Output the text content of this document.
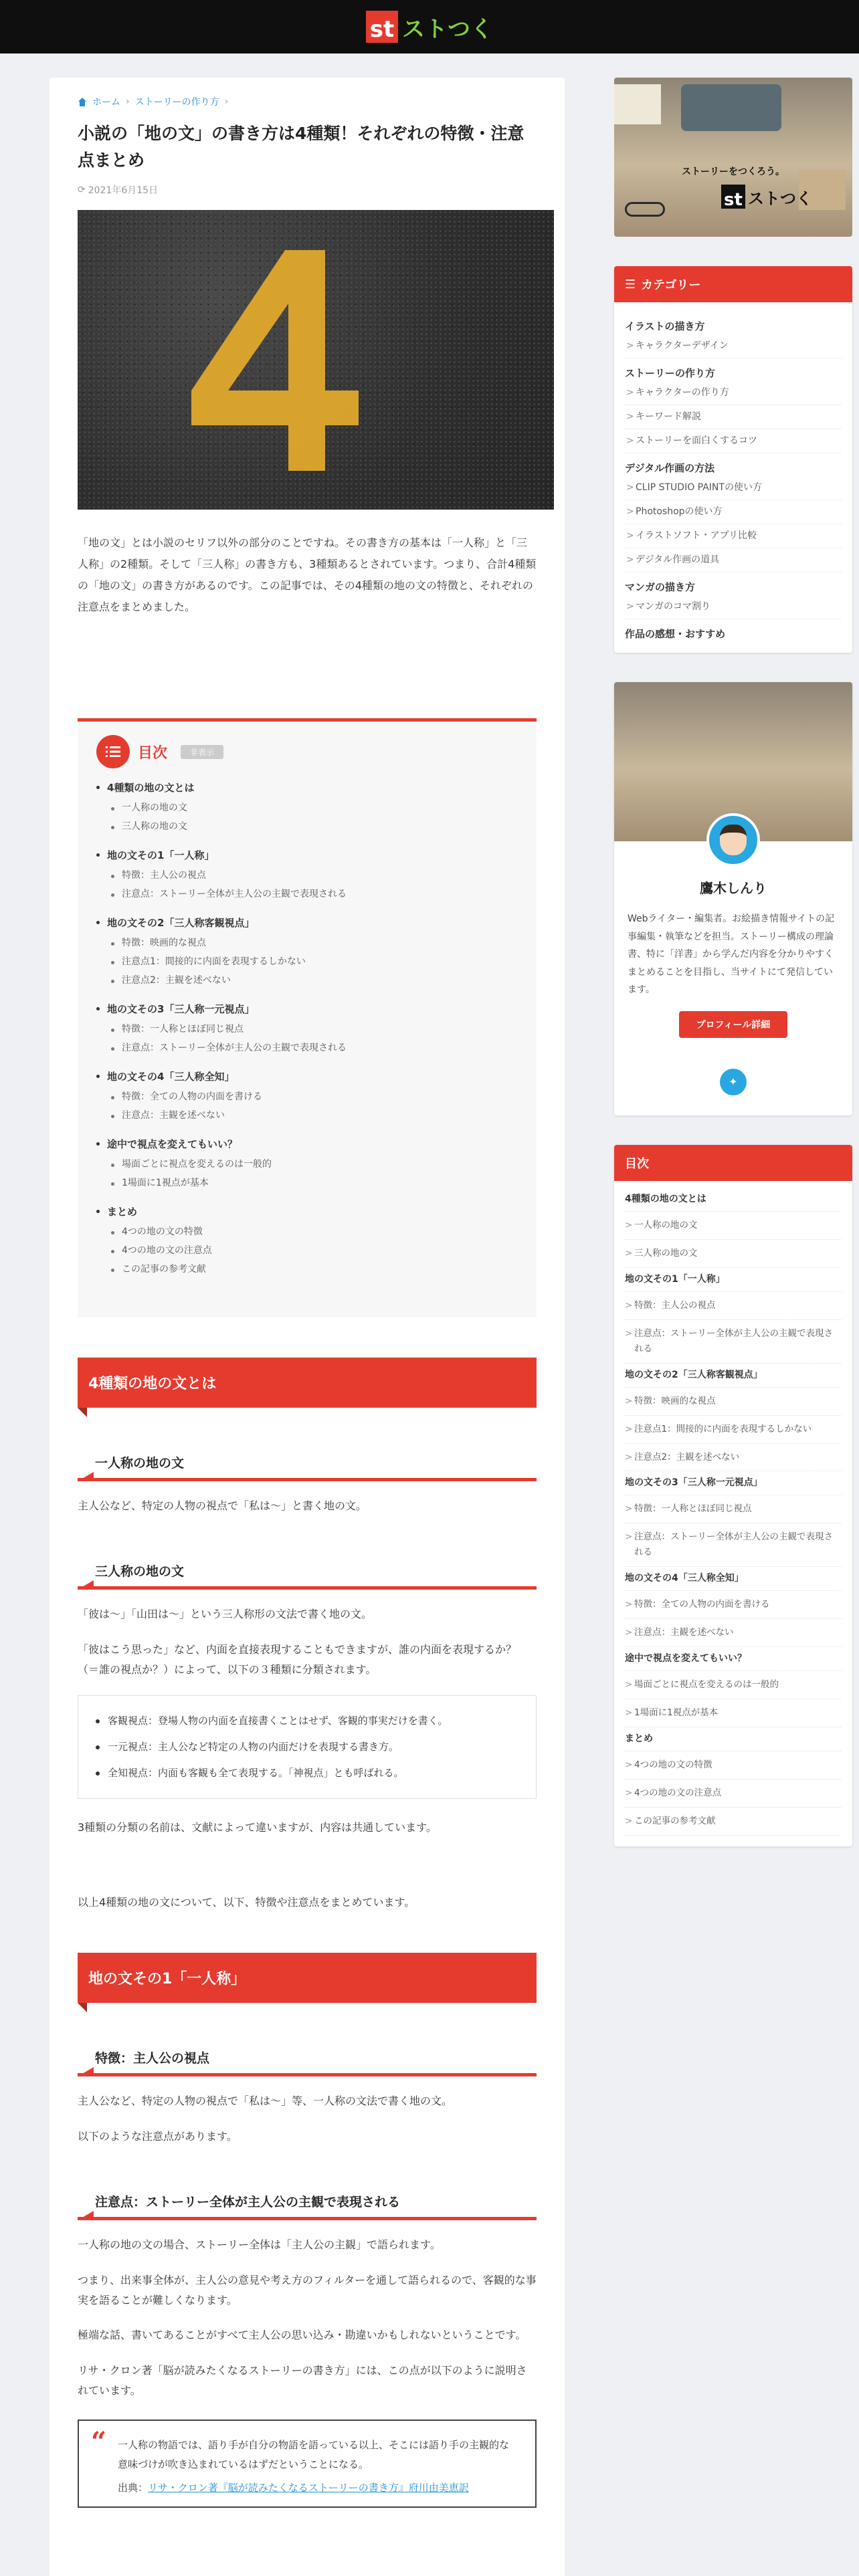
st ストつく
ホーム › ストーリーの作り方 ›
小説の「地の文」の書き方は4種類！それぞれの特徴・注意点まとめ
⟳ 2021年6月15日

「地の文」とは小説のセリフ以外の部分のことですね。その書き方の基本は「一人称」と「三人称」の2種類。そして「三人称」の書き方も、3種類あるとされています。つまり、合計4種類の「地の文」の書き方があるのです。この記事では、その4種類の地の文の特徴と、それぞれの注意点をまとめました。

目次	非表示
4種類の地の文とは
一人称の地の文
三人称の地の文
地の文その1「一人称」
特徴：主人公の視点
注意点：ストーリー全体が主人公の主観で表現される
地の文その2「三人称客観視点」
特徴：映画的な視点
注意点1：間接的に内面を表現するしかない
注意点2：主観を述べない
地の文その3「三人称一元視点」
特徴：一人称とほぼ同じ視点
注意点：ストーリー全体が主人公の主観で表現される
地の文その4「三人称全知」
特徴：全ての人物の内面を書ける
注意点：主観を述べない
途中で視点を変えてもいい？
場面ごとに視点を変えるのは一般的
1場面に1視点が基本
まとめ
4つの地の文の特徴
4つの地の文の注意点
この記事の参考文献
4種類の地の文とは
一人称の地の文

主人公など、特定の人物の視点で「私は〜」と書く地の文。

三人称の地の文

「彼は〜」「山田は〜」という三人称形の文法で書く地の文。

「彼はこう思った」など、内面を直接表現することもできますが、誰の内面を表現するか？（＝誰の視点か？）によって、以下の３種類に分類されます。

客観視点：登場人物の内面を直接書くことはせず、客観的事実だけを書く。
一元視点：主人公など特定の人物の内面だけを表現する書き方。
全知視点：内面も客観も全て表現する。「神視点」とも呼ばれる。

3種類の分類の名前は、文献によって違いますが、内容は共通しています。

以上4種類の地の文について、以下、特徴や注意点をまとめています。

地の文その1「一人称」
特徴：主人公の視点

主人公など、特定の人物の視点で「私は〜」等、一人称の文法で書く地の文。

以下のような注意点があります。

注意点：ストーリー全体が主人公の主観で表現される

一人称の地の文の場合、ストーリー全体は「主人公の主観」で語られます。

つまり、出来事全体が、主人公の意見や考え方のフィルターを通して語られるので、客観的な事実を語ることが難しくなります。

極端な話、書いてあることがすべて主人公の思い込み・勘違いかもしれないということです。

リサ・クロン著「脳が読みたくなるストーリーの書き方」には、この点が以下のように説明されています。

“ 一人称の物語では、語り手が自分の物語を語っている以上、そこには語り手の主観的な意味づけが吹き込まれているはずだということになる。

出典：リサ・クロン著『脳が読みたくなるストーリーの書き方』府川由美恵訳

ストーリーをつくろう。
st ストつく
☰ カテゴリー
イラストの描き方
> キャラクターデザイン
ストーリーの作り方
> キャラクターの作り方
> キーワード解説
> ストーリーを面白くするコツ
デジタル作画の方法
> CLIP STUDIO PAINTの使い方
> Photoshopの使い方
> イラストソフト・アプリ比較
> デジタル作画の道具
マンガの描き方
> マンガのコマ割り
作品の感想・おすすめ
鷹木しんり

Webライター・編集者。お絵描き情報サイトの記事編集・執筆などを担当。ストーリー構成の理論書、特に「洋書」から学んだ内容を分かりやすくまとめることを目指し、当サイトにて発信しています。

プロフィール詳細
✦
目次
4種類の地の文とは
> 一人称の地の文
> 三人称の地の文
地の文その1「一人称」
> 特徴：主人公の視点
> 注意点：ストーリー全体が主人公の主観で表現される
地の文その2「三人称客観視点」
> 特徴：映画的な視点
> 注意点1：間接的に内面を表現するしかない
> 注意点2：主観を述べない
地の文その3「三人称一元視点」
> 特徴：一人称とほぼ同じ視点
> 注意点：ストーリー全体が主人公の主観で表現される
地の文その4「三人称全知」
> 特徴：全ての人物の内面を書ける
> 注意点：主観を述べない
途中で視点を変えてもいい？
> 場面ごとに視点を変えるのは一般的
> 1場面に1視点が基本
まとめ
> 4つの地の文の特徴
> 4つの地の文の注意点
> この記事の参考文献
